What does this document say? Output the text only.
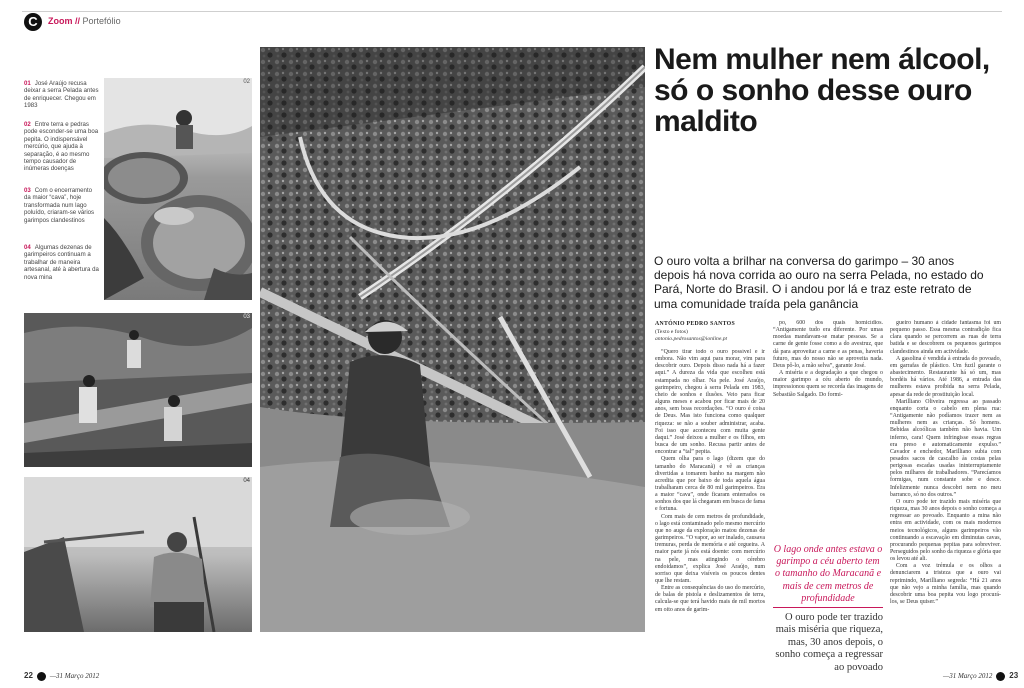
C	Zoom // Portefólio
01 José Araújo recusa deixar a serra Pelada antes de enriquecer. Chegou em 1983
02 Entre terra e pedras pode esconder-se uma boa pepita. O indispensável mercúrio, que ajuda à separação, é ao mesmo tempo causador de inúmeras doenças
03 Com o encerramento da maior “cava”, hoje transformada num lago poluído, criaram-se vários garimpos clandestinos
04 Algumas dezenas de garimpeiros continuam a trabalhar de maneira artesanal, até à abertura da nova mina
02
03
04
01 Nem mulher nem álcool, só o sonho desse ouro maldito
O ouro volta a brilhar na conversa do garimpo – 30 anos depois há nova corrida ao ouro na serra Pelada, no estado do Pará, Norte do Brasil. O i andou por lá e traz este retrato de uma comunidade traída pela ganância
ANTÓNIO PEDRO SANTOS
(Texto e fotos)
antonio.pedrosantos@ionline.pt

“Quero tirar todo o ouro possível e ir embora. Não vim aqui para morar, vim para descobrir ouro. Depois disso nada há a fazer aqui.” A dureza da vida que escolheu está estampada no olhar. Na pele. José Araújo, garimpeiro, chegou à serra Pelada em 1983, cheio de sonhos e ilusões. Veio para ficar alguns meses e acabou por ficar mais de 20 anos, sem boas recordações. “O ouro é coisa de Deus. Mas isto funciona como qualquer riqueza: se não a souber administrar, acaba. Foi isso que aconteceu com muita gente daqui.” José deixou a mulher e os filhos, em busca de um sonho. Recusa partir antes de encontrar a “tal” pepita.

Quem olha para o lago (dizem que do tamanho do Maracanã) e vê as crianças divertidas a tomarem banho na margem não acredita que por baixo de toda aquela água trabalharam cerca de 80 mil garimpeiros. Era a maior “cava”, onde ficaram enterrados os sonhos dos que lá chegaram em busca de fama e fortuna.

Com mais de cem metros de profundidade, o lago está contaminado pelo mesmo mercúrio que no auge da exploração matou dezenas de garimpeiros. “O vapor, ao ser inalado, causava tremuras, perda de memória e até cegueira. A maior parte já nós está doente: com mercúrio na pele, mas atingindo o cérebro endoidamos”, explica José Araújo, num sorriso que deixa visíveis os poucos dentes que lhe restam.

Entre as consequências do uso do mercúrio, de balas de pistola e deslizamentos de terra, calcula-se que terá havido mais de mil mortos em oito anos de garim-

po, 600 dos quais homicídios. “Antigamente tudo era diferente. Por umas moedas mandavam-se matar pessoas. Se a carne de gente fosse como a do avestruz, que dá para aproveitar a carne e as penas, haveria futuro, mas do nosso não se aproveita nada. Deus pô-lo, a mão selva”, garante José.

A miséria e a degradação a que chegou o maior garimpo a céu aberto do mundo, impressionou quem se recorda das imagens de Sebastião Salgado. Do formi-

O lago onde antes estava o garimpo a céu aberto tem o tamanho do Maracanã e mais de cem metros de profundidade
O ouro pode ter trazido mais miséria que riqueza, mas, 30 anos depois, o sonho começa a regressar ao povoado

gueiro humano à cidade fantasma foi um pequeno passo. Essa mesma contradição fica clara quando se percorrem as ruas de terra batida e se descobrem os pequenos garimpos clandestinos ainda em actividade.

A gasolina é vendida à entrada do povoado, em garrafas de plástico. Um fuzil garante o abastecimento. Restaurante há só um, mas bordéis há vários. Até 1986, a entrada das mulheres estava proibida na serra Pelada, apesar da rede de prostituição local.

Marilliano Oliveira regressa ao passado enquanto corta o cabelo em plena rua: “Antigamente não podíamos trazer nem as mulheres nem as crianças. Só homens. Bebidas alcoólicas também não havia. Um inferno, cara! Quem infringisse essas regras era preso e automaticamente expulso.” Cavador e enchedor, Marilliano subia com pesados sacos de cascalho às costas pelas perigosas escadas usadas ininterruptamente pelos milhares de trabalhadores. “Parecíamos formigas, num constante sobe e desce. Infelizmente nunca descobri nem no meu barranco, só no dos outros.”

O ouro pode ter trazido mais miséria que riqueza, mas 30 anos depois o sonho começa a regressar ao povoado. Enquanto a mina não entra em actividade, com os mais modernos meios tecnológicos, alguns garimpeiros vão continuando a escavação em diminutas cavas, procurando pequenas pepitas para sobreviver. Perseguidos pelo sonho da riqueza e glória que os levou até ali.

Com a voz trémula e os olhos a denunciarem a tristeza que a ouro vai reprimindo, Marilliano segreda: “Há 21 anos que não vejo a minha família, mas quando descobrir uma boa pepita vou logo procurá-los, se Deus quiser.”

22 —31 Março 2012	—31 Março 2012 23
